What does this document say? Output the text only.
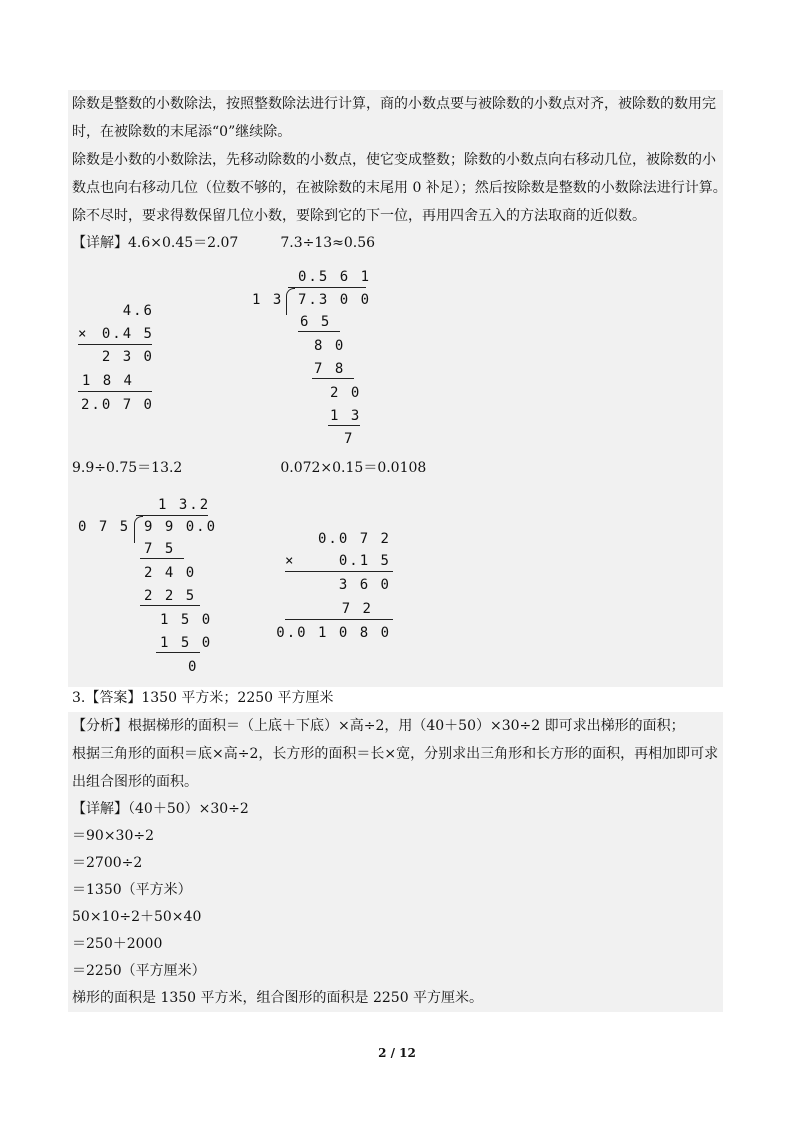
除数是整数的小数除法，按照整数除法进行计算，商的小数点要与被除数的小数点对齐，被除数的数用完
时，在被除数的末尾添“0”继续除。
除数是小数的小数除法，先移动除数的小数点，使它变成整数；除数的小数点向右移动几位，被除数的小
数点也向右移动几位（位数不够的，在被除数的末尾用 0 补足）；然后按除数是整数的小数除法进行计算。
除不尽时，要求得数保留几位小数，要除到它的下一位，再用四舍五入的方法取商的近似数。
【详解】4.6×0.45＝2.07　　　7.3÷13≈0.56
4.6
× 0.4 5
2 3 0
1 8 4
2.0 7 0
0.5 6 1
1 3 7.3 0 0
6 5
8 0
7 8
2 0
1 3
7
9.9÷0.75＝13.2　　　　　　　0.072×0.15＝0.0108
1 3.2
0 7 5 9 9 0.0
7 5
2 4 0
2 2 5
1 5 0
1 5 0
0
0.0 7 2
×	0.1 5
3 6 0
7 2
0.0 1 0 8 0
3.【答案】1350 平方米；2250 平方厘米
【分析】根据梯形的面积＝（上底＋下底）×高÷2，用（40＋50）×30÷2 即可求出梯形的面积；
根据三角形的面积＝底×高÷2，长方形的面积＝长×宽，分别求出三角形和长方形的面积，再相加即可求
出组合图形的面积。
【详解】（40＋50）×30÷2
＝90×30÷2
＝2700÷2
＝1350（平方米）
50×10÷2＋50×40
＝250＋2000
＝2250（平方厘米）
梯形的面积是 1350 平方米，组合图形的面积是 2250 平方厘米。
2 / 12
